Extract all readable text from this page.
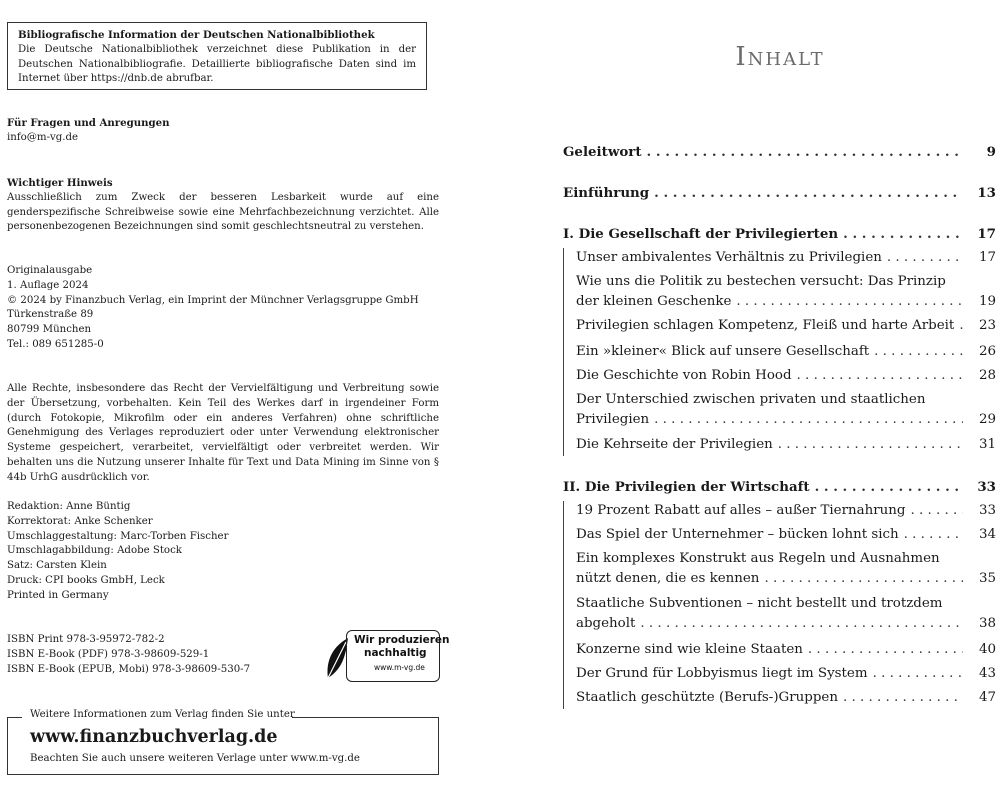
Bibliografische Information der Deutschen Nationalbibliothek
Die Deutsche Nationalbibliothek verzeichnet diese Publikation in der Deutschen Nationalbibliografie. Detaillierte bibliografische Daten sind im Internet über https://dnb.de abrufbar.
Für Fragen und Anregungen
info@m-vg.de
Wichtiger Hinweis
Ausschließlich zum Zweck der besseren Lesbarkeit wurde auf eine genderspezifische Schreibweise sowie eine Mehrfachbezeichnung verzichtet. Alle personenbezogenen Bezeichnungen sind somit geschlechtsneutral zu verstehen.
Originalausgabe
1. Auflage 2024
© 2024 by Finanzbuch Verlag, ein Imprint der Münchner Verlagsgruppe GmbH
Türkenstraße 89
80799 München
Tel.: 089 651285-0
Alle Rechte, insbesondere das Recht der Vervielfältigung und Verbreitung sowie der Übersetzung, vorbehalten. Kein Teil des Werkes darf in irgendeiner Form (durch Fotokopie, Mikrofilm oder ein anderes Verfahren) ohne schriftliche Genehmigung des Verlages reproduziert oder unter Verwendung elektronischer Systeme gespeichert, verarbeitet, vervielfältigt oder verbreitet werden. Wir behalten uns die Nutzung unserer Inhalte für Text und Data Mining im Sinne von § 44b UrhG ausdrücklich vor.
Redaktion: Anne Büntig
Korrektorat: Anke Schenker
Umschlaggestaltung: Marc-Torben Fischer
Umschlagabbildung: Adobe Stock
Satz: Carsten Klein
Druck: CPI books GmbH, Leck
Printed in Germany
ISBN Print 978-3-95972-782-2
ISBN E-Book (PDF) 978-3-98609-529-1
ISBN E-Book (EPUB, Mobi) 978-3-98609-530-7
Wir produzieren
nachhaltig
www.m-vg.de
Weitere Informationen zum Verlag finden Sie unter
www.finanzbuchverlag.de
Beachten Sie auch unsere weiteren Verlage unter www.m-vg.de
Inhalt
Geleitwort . . .	9
Einführung . . .	13
I. Die Gesellschaft der Privilegierten . . .	17
Unser ambivalentes Verhältnis zu Privilegien . . .	17
Wie uns die Politik zu bestechen versucht: Das Prinzip
der kleinen Geschenke . . .	19
Privilegien schlagen Kompetenz, Fleiß und harte Arbeit . . .	23
Ein »kleiner« Blick auf unsere Gesellschaft . . .	26
Die Geschichte von Robin Hood . . .	28
Der Unterschied zwischen privaten und staatlichen
Privilegien . . .	29
Die Kehrseite der Privilegien . . .	31
II. Die Privilegien der Wirtschaft . . .	33
19 Prozent Rabatt auf alles – außer Tiernahrung . . .	33
Das Spiel der Unternehmer – bücken lohnt sich . . .	34
Ein komplexes Konstrukt aus Regeln und Ausnahmen
nützt denen, die es kennen . . .	35
Staatliche Subventionen – nicht bestellt und trotzdem
abgeholt . . .	38
Konzerne sind wie kleine Staaten . . .	40
Der Grund für Lobbyismus liegt im System . . .	43
Staatlich geschützte (Berufs-)Gruppen . . .	47
